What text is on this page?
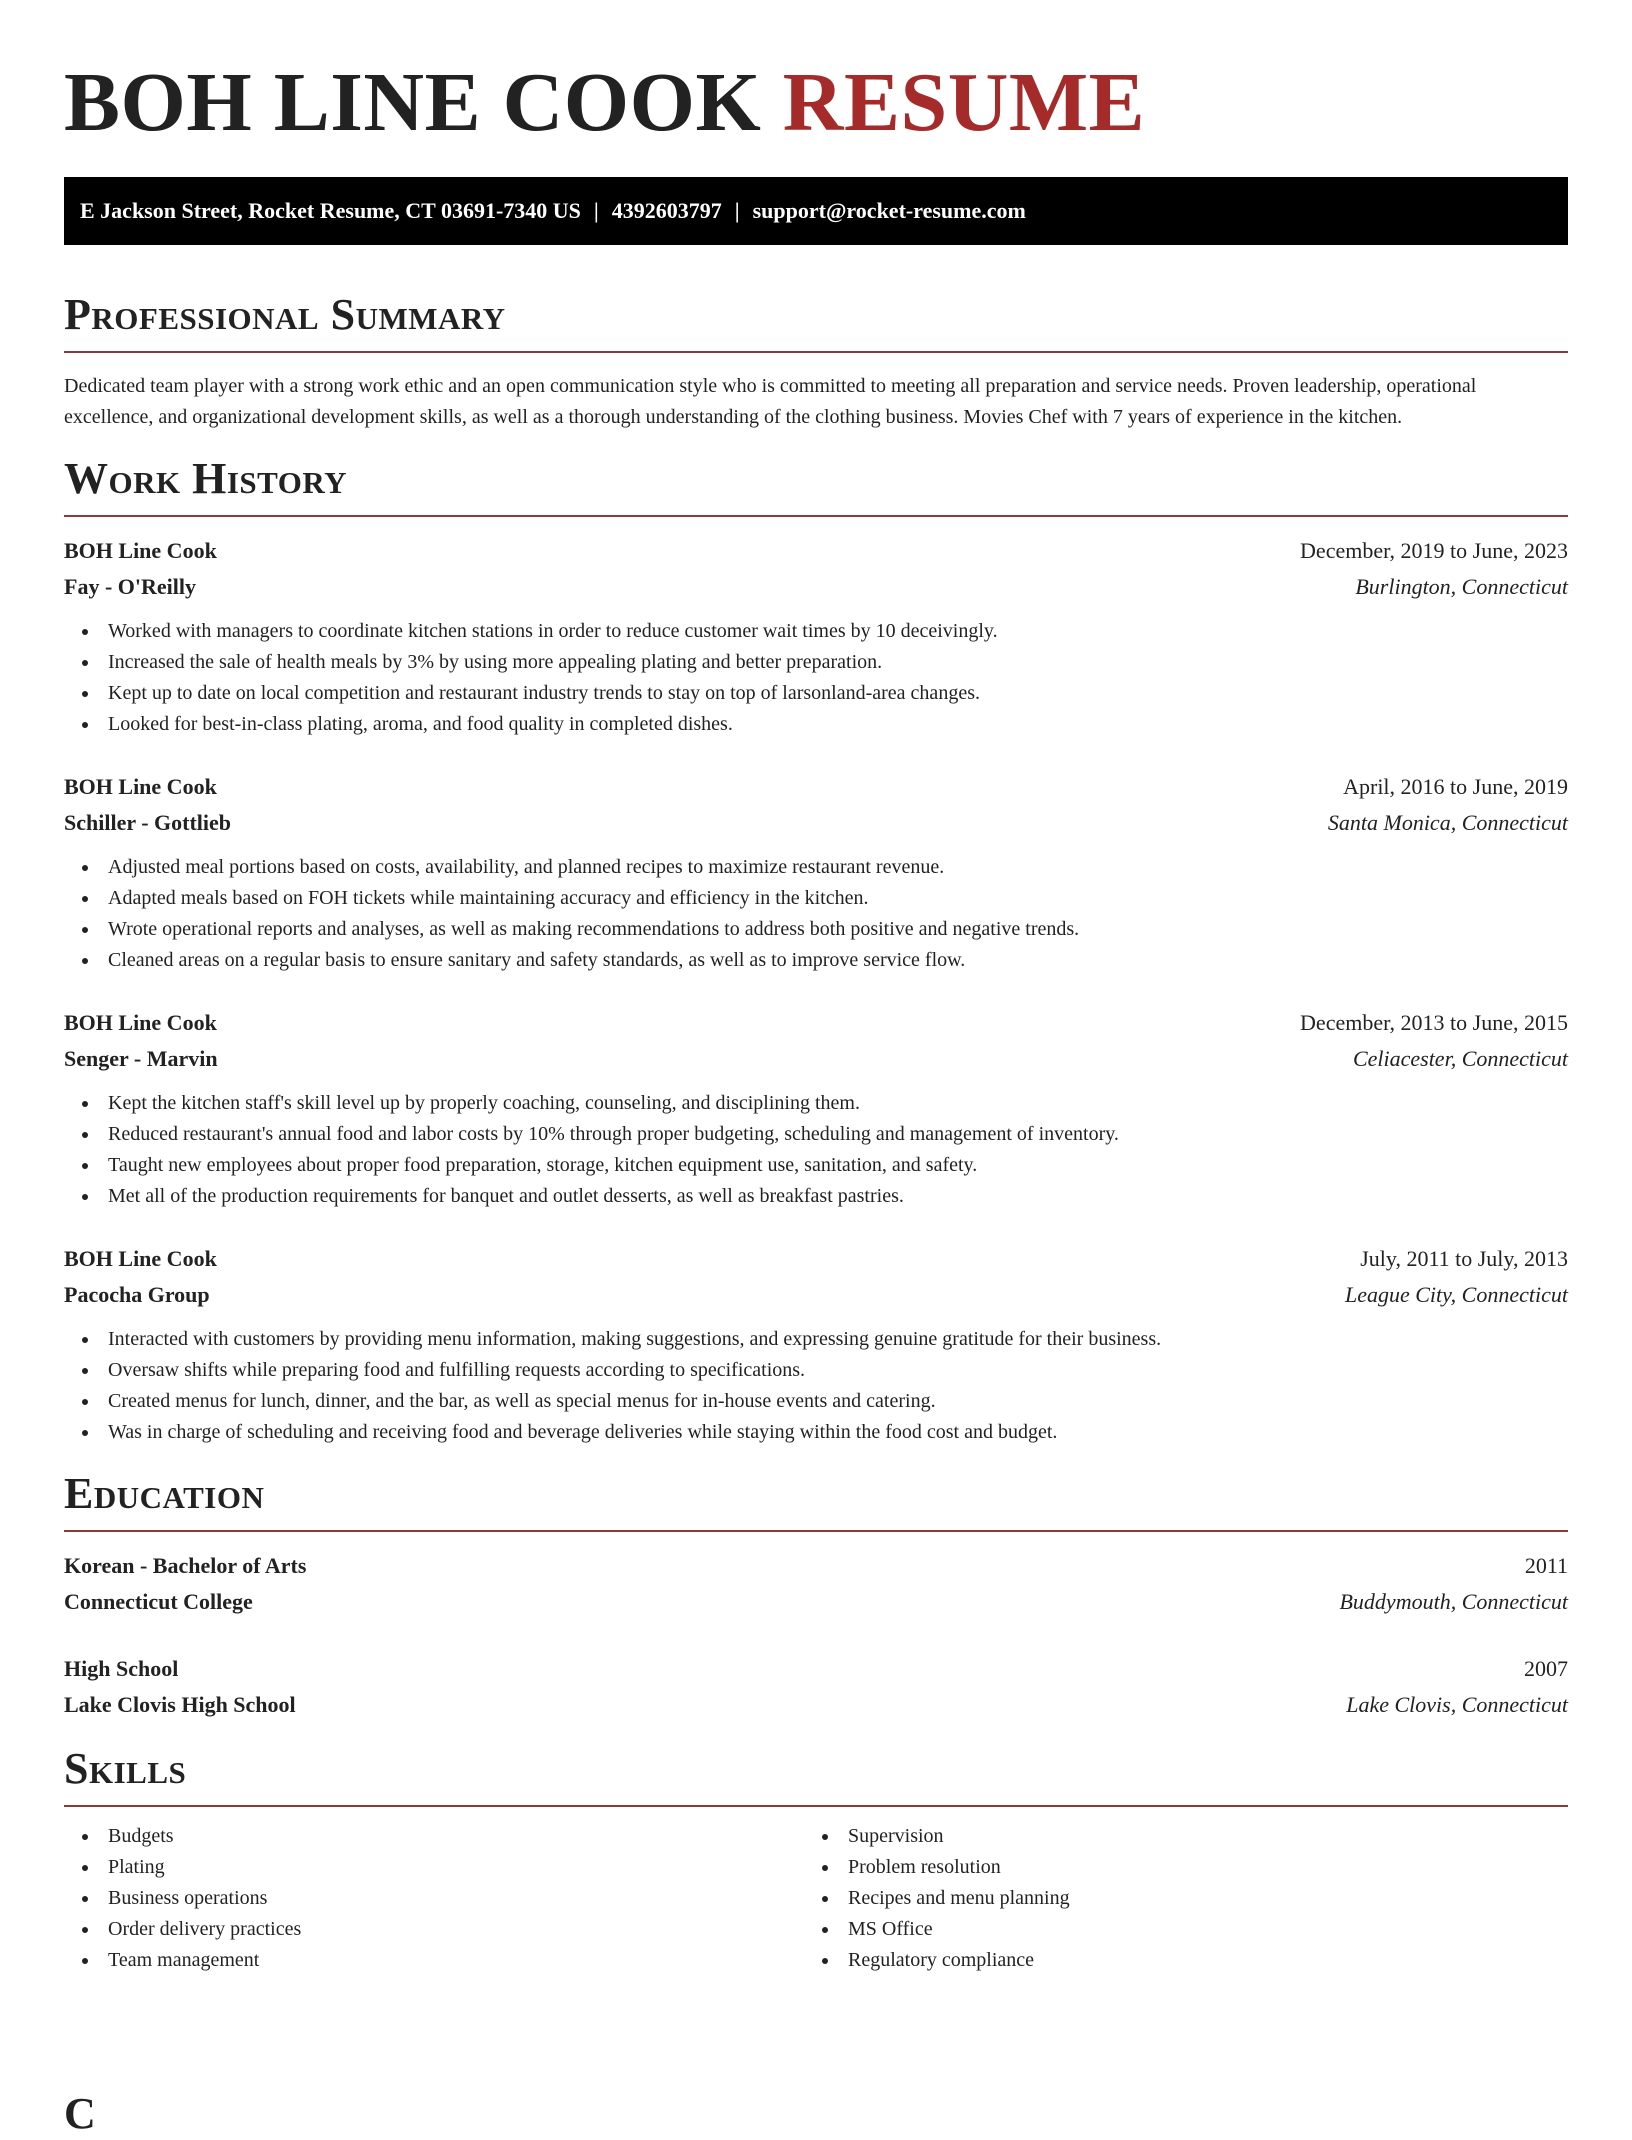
BOH LINE COOK RESUME
E Jackson Street, Rocket Resume, CT 03691-7340 US | 4392603797 | support@rocket-resume.com
Professional Summary

Dedicated team player with a strong work ethic and an open communication style who is committed to meeting all preparation and service needs. Proven leadership, operational excellence, and organizational development skills, as well as a thorough understanding of the clothing business. Movies Chef with 7 years of experience in the kitchen.

Work History
BOH Line Cook	December, 2019 to June, 2023
Fay - O'Reilly	Burlington, Connecticut
Worked with managers to coordinate kitchen stations in order to reduce customer wait times by 10 deceivingly.
Increased the sale of health meals by 3% by using more appealing plating and better preparation.
Kept up to date on local competition and restaurant industry trends to stay on top of larsonland-area changes.
Looked for best-in-class plating, aroma, and food quality in completed dishes.
BOH Line Cook	April, 2016 to June, 2019
Schiller - Gottlieb	Santa Monica, Connecticut
Adjusted meal portions based on costs, availability, and planned recipes to maximize restaurant revenue.
Adapted meals based on FOH tickets while maintaining accuracy and efficiency in the kitchen.
Wrote operational reports and analyses, as well as making recommendations to address both positive and negative trends.
Cleaned areas on a regular basis to ensure sanitary and safety standards, as well as to improve service flow.
BOH Line Cook	December, 2013 to June, 2015
Senger - Marvin	Celiacester, Connecticut
Kept the kitchen staff's skill level up by properly coaching, counseling, and disciplining them.
Reduced restaurant's annual food and labor costs by 10% through proper budgeting, scheduling and management of inventory.
Taught new employees about proper food preparation, storage, kitchen equipment use, sanitation, and safety.
Met all of the production requirements for banquet and outlet desserts, as well as breakfast pastries.
BOH Line Cook	July, 2011 to July, 2013
Pacocha Group	League City, Connecticut
Interacted with customers by providing menu information, making suggestions, and expressing genuine gratitude for their business.
Oversaw shifts while preparing food and fulfilling requests according to specifications.
Created menus for lunch, dinner, and the bar, as well as special menus for in-house events and catering.
Was in charge of scheduling and receiving food and beverage deliveries while staying within the food cost and budget.
Education
Korean - Bachelor of Arts	2011
Connecticut College	Buddymouth, Connecticut
High School	2007
Lake Clovis High School	Lake Clovis, Connecticut
Skills
Budgets
Plating
Business operations
Order delivery practices
Team management
Supervision
Problem resolution
Recipes and menu planning
MS Office
Regulatory compliance
C
